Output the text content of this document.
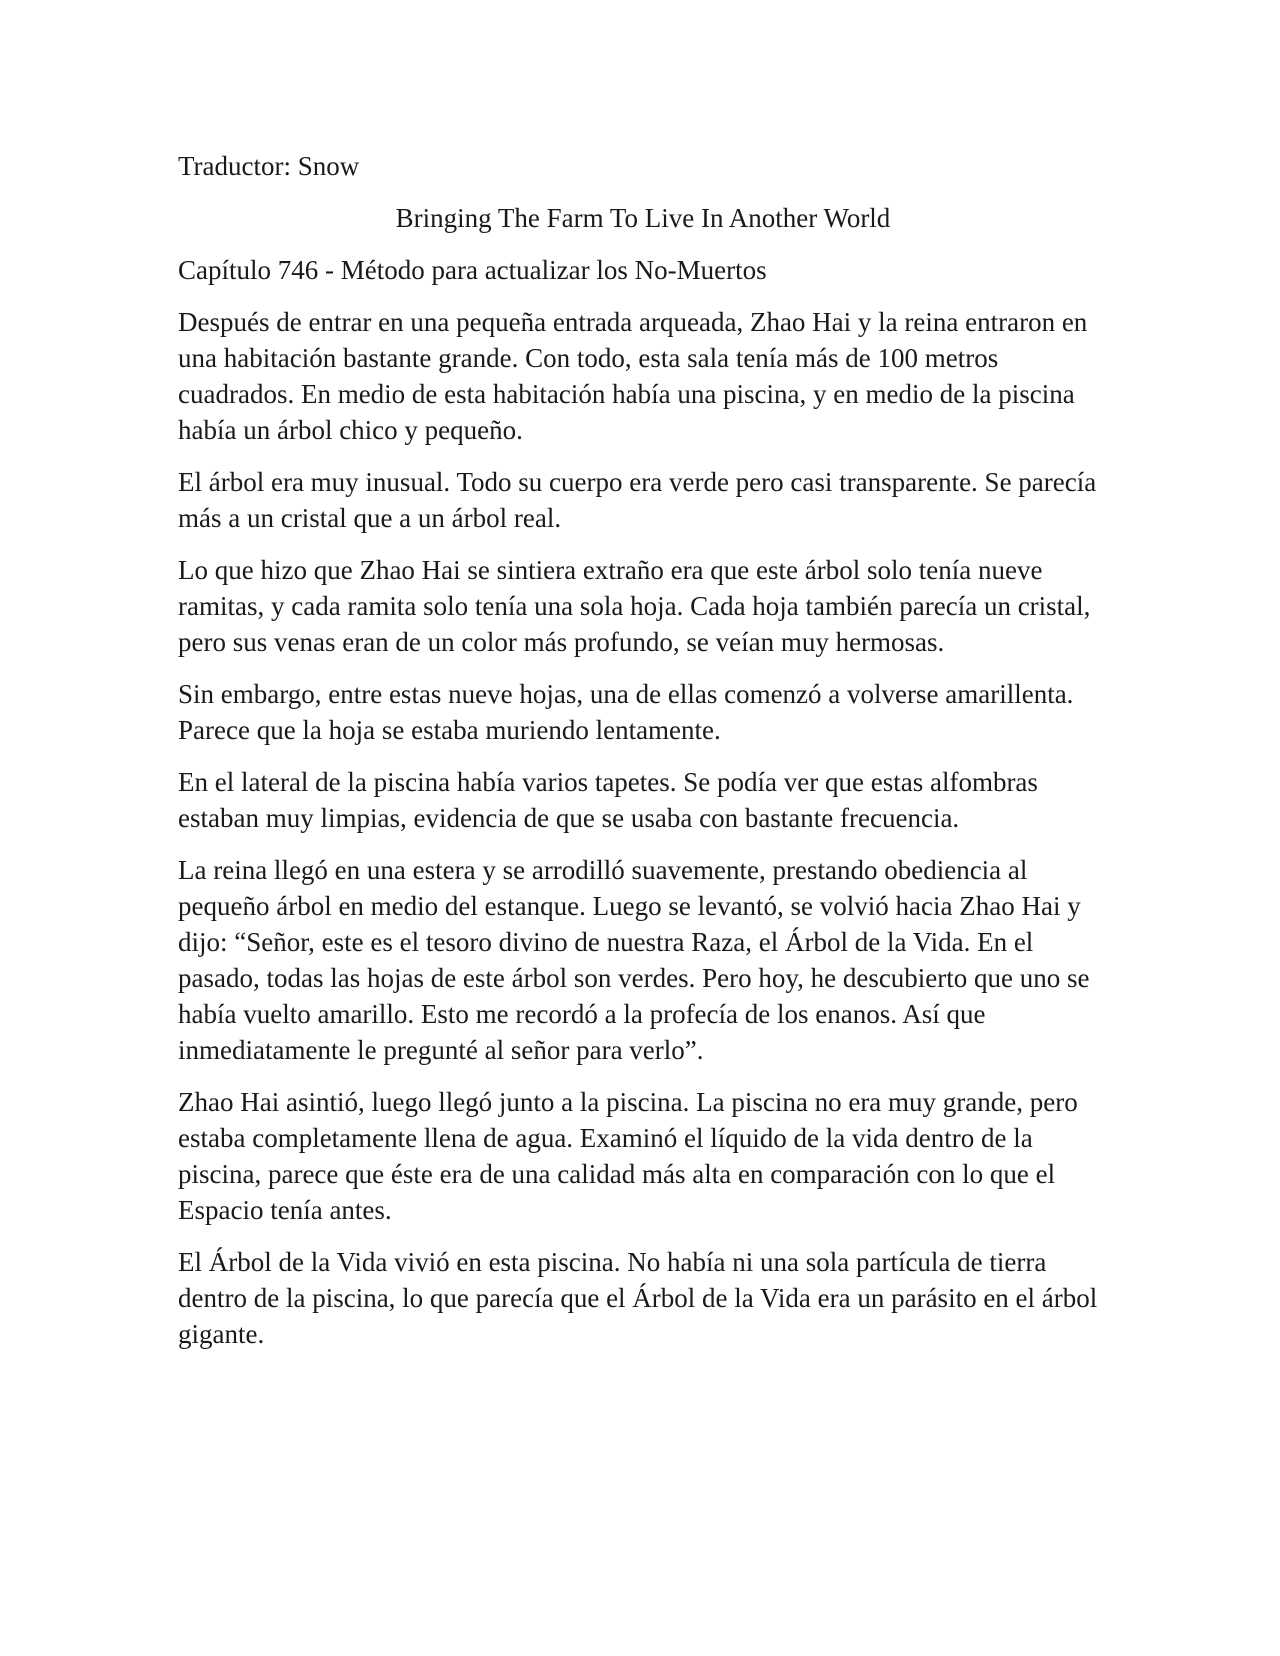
Traductor: Snow

Bringing The Farm To Live In Another World
Capítulo 746 - Método para actualizar los No-Muertos

Después de entrar en una pequeña entrada arqueada, Zhao Hai y la reina entraron en una habitación bastante grande. Con todo, esta sala tenía más de 100 metros cuadrados. En medio de esta habitación había una piscina, y en medio de la piscina había un árbol chico y pequeño.

El árbol era muy inusual. Todo su cuerpo era verde pero casi transparente. Se parecía más a un cristal que a un árbol real.

Lo que hizo que Zhao Hai se sintiera extraño era que este árbol solo tenía nueve ramitas, y cada ramita solo tenía una sola hoja. Cada hoja también parecía un cristal, pero sus venas eran de un color más profundo, se veían muy hermosas.

Sin embargo, entre estas nueve hojas, una de ellas comenzó a volverse amarillenta. Parece que la hoja se estaba muriendo lentamente.

En el lateral de la piscina había varios tapetes. Se podía ver que estas alfombras estaban muy limpias, evidencia de que se usaba con bastante frecuencia.

La reina llegó en una estera y se arrodilló suavemente, prestando obediencia al pequeño árbol en medio del estanque. Luego se levantó, se volvió hacia Zhao Hai y dijo: “Señor, este es el tesoro divino de nuestra Raza, el Árbol de la Vida. En el pasado, todas las hojas de este árbol son verdes. Pero hoy, he descubierto que uno se había vuelto amarillo. Esto me recordó a la profecía de los enanos. Así que inmediatamente le pregunté al señor para verlo”.

Zhao Hai asintió, luego llegó junto a la piscina. La piscina no era muy grande, pero estaba completamente llena de agua. Examinó el líquido de la vida dentro de la piscina, parece que éste era de una calidad más alta en comparación con lo que el Espacio tenía antes.

El Árbol de la Vida vivió en esta piscina. No había ni una sola partícula de tierra dentro de la piscina, lo que parecía que el Árbol de la Vida era un parásito en el árbol gigante.
